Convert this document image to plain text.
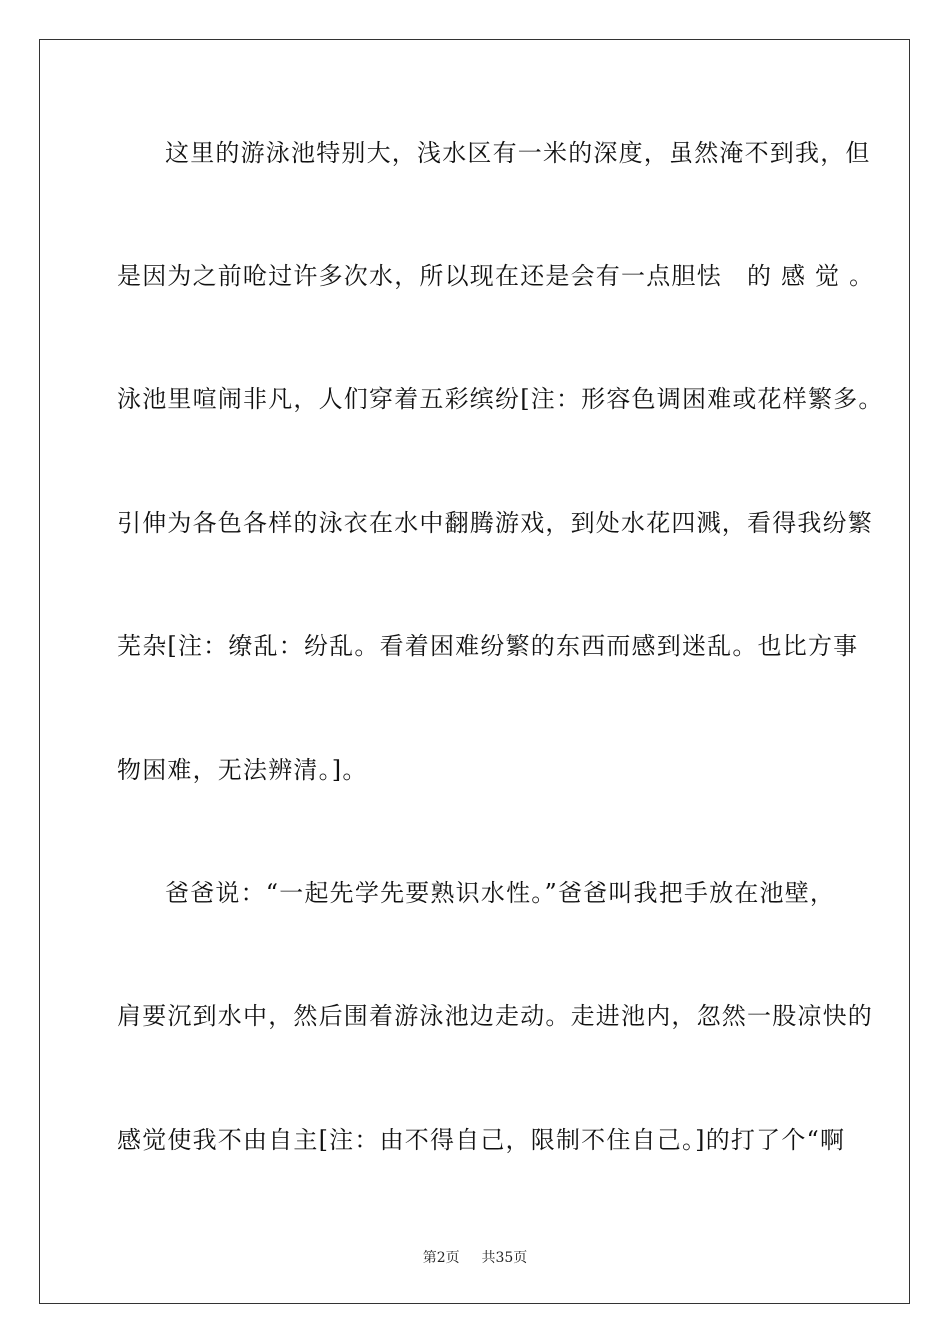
这里的游泳池特别大，浅水区有一米的深度，虽然淹不到我，但
是因为之前呛过许多次水，所以现在还是会有一点胆怯　的 感 觉 。
泳池里喧闹非凡，人们穿着五彩缤纷[注：形容色调困难或花样繁多。
引伸为各色各样的泳衣在水中翻腾游戏，到处水花四溅，看得我纷繁
芜杂[注：缭乱：纷乱。看着困难纷繁的东西而感到迷乱。也比方事
物困难，无法辨清。]。
爸爸说：“一起先学先要熟识水性。”爸爸叫我把手放在池壁，
肩要沉到水中，然后围着游泳池边走动。走进池内，忽然一股凉快的
感觉使我不由自主[注：由不得自己，限制不住自己。]的打了个“啊
第2页 共35页
